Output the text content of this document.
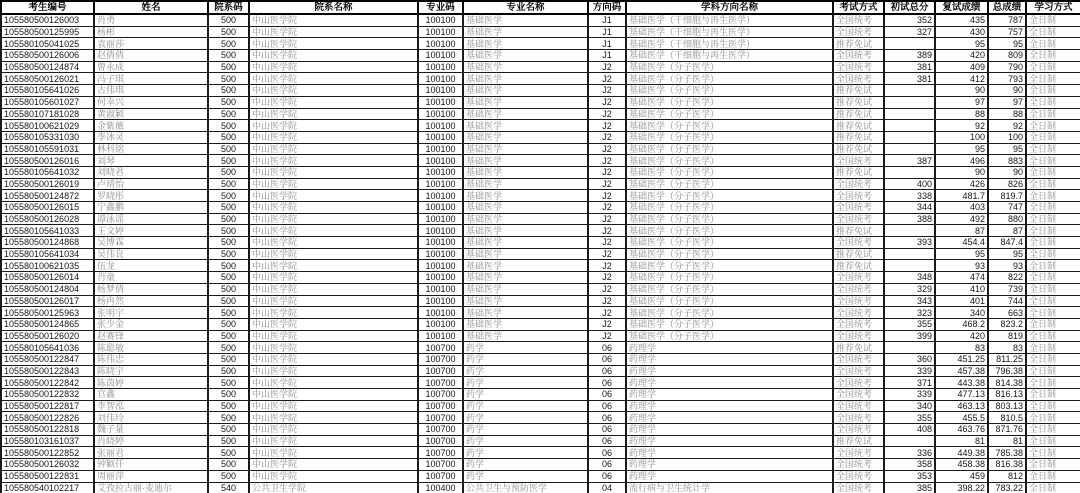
考生编号	姓名	院系码	院系名称	专业码	专业名称	方向码	学科方向名称	考试方式	初试总分	复试成绩	总成绩	学习方式
105580500126003	肖勇	500	中山医学院	100100	基础医学	J1	基础医学（干细胞与再生医学）	全国统考	352	435	787	全日制
105580500125995	杨彬	500	中山医学院	100100	基础医学	J1	基础医学（干细胞与再生医学）	全国统考	327	430	757	全日制
105580105041025	袁丽莎	500	中山医学院	100100	基础医学	J1	基础医学（干细胞与再生医学）	推荐免试		95	95	全日制
105580500126006	赵倩倩	500	中山医学院	100100	基础医学	J1	基础医学（干细胞与再生医学）	全国统考	389	420	809	全日制
105580500124874	曾永成	500	中山医学院	100100	基础医学	J2	基础医学（分子医学）	全国统考	381	409	790	全日制
105580500126021	冯子琪	500	中山医学院	100100	基础医学	J2	基础医学（分子医学）	全国统考	381	412	793	全日制
105580105641026	古伟琪	500	中山医学院	100100	基础医学	J2	基础医学（分子医学）	推荐免试		90	90	全日制
105580105601027	何幸兴	500	中山医学院	100100	基础医学	J2	基础医学（分子医学）	推荐免试		97	97	全日制
105580107181028	黄淑颖	500	中山医学院	100100	基础医学	J2	基础医学（分子医学）	推荐免试		88	88	全日制
105580100621029	金紫薇	500	中山医学院	100100	基础医学	J2	基础医学（分子医学）	推荐免试		92	92	全日制
105580105331030	李冰灵	500	中山医学院	100100	基础医学	J2	基础医学（分子医学）	推荐免试		100	100	全日制
105580105591031	林科铭	500	中山医学院	100100	基础医学	J2	基础医学（分子医学）	推荐免试		95	95	全日制
105580500126016	刘琴	500	中山医学院	100100	基础医学	J2	基础医学（分子医学）	全国统考	387	496	883	全日制
105580105641032	刘晓君	500	中山医学院	100100	基础医学	J2	基础医学（分子医学）	推荐免试		90	90	全日制
105580500126019	卢靖怡	500	中山医学院	100100	基础医学	J2	基础医学（分子医学）	全国统考	400	426	826	全日制
105580500124872	罗晓彤	500	中山医学院	100100	基础医学	J2	基础医学（分子医学）	全国统考	338	481.7	819.7	全日制
105580500126015	宁鑫鹏	500	中山医学院	100100	基础医学	J2	基础医学（分子医学）	全国统考	344	403	747	全日制
105580500126028	谭泳谣	500	中山医学院	100100	基础医学	J2	基础医学（分子医学）	全国统考	388	492	880	全日制
105580105641033	王文婷	500	中山医学院	100100	基础医学	J2	基础医学（分子医学）	推荐免试		87	87	全日制
105580500124868	吴博霖	500	中山医学院	100100	基础医学	J2	基础医学（分子医学）	全国统考	393	454.4	847.4	全日制
105580105641034	吴伟良	500	中山医学院	100100	基础医学	J2	基础医学（分子医学）	推荐免试		95	95	全日制
105580100621035	伍龙	500	中山医学院	100100	基础医学	J2	基础医学（分子医学）	推荐免试		93	93	全日制
105580500126014	肖童	500	中山医学院	100100	基础医学	J2	基础医学（分子医学）	全国统考	348	474	822	全日制
105580500124804	杨梦倩	500	中山医学院	100100	基础医学	J2	基础医学（分子医学）	全国统考	329	410	739	全日制
105580500126017	杨冉然	500	中山医学院	100100	基础医学	J2	基础医学（分子医学）	全国统考	343	401	744	全日制
105580500125963	张明宇	500	中山医学院	100100	基础医学	J2	基础医学（分子医学）	全国统考	323	340	663	全日制
105580500124865	张少金	500	中山医学院	100100	基础医学	J2	基础医学（分子医学）	全国统考	355	468.2	823.2	全日制
105580500126020	赵赛锋	500	中山医学院	100100	基础医学	J2	基础医学（分子医学）	全国统考	399	420	819	全日制
105580105641036	陈聪敏	500	中山医学院	100700	药学	06	药理学	推荐免试		83	83	全日制
105580500122847	陈伟忠	500	中山医学院	100700	药学	06	药理学	全国统考	360	451.25	811.25	全日制
105580500122843	陈晓宇	500	中山医学院	100700	药学	06	药理学	全国统考	339	457.38	796.38	全日制
105580500122842	陈茵婷	500	中山医学院	100700	药学	06	药理学	全国统考	371	443.38	814.38	全日制
105580500122832	官鑫	500	中山医学院	100700	药学	06	药理学	全国统考	339	477.13	816.13	全日制
105580500122817	李智泓	500	中山医学院	100700	药学	06	药理学	全国统考	340	463.13	803.13	全日制
105580500122826	刘伟玲	500	中山医学院	100700	药学	06	药理学	全国统考	355	455.5	810.5	全日制
105580500122818	魏子量	500	中山医学院	100700	药学	06	药理学	全国统考	408	463.76	871.76	全日制
105580103161037	肖晓婷	500	中山医学院	100700	药学	06	药理学	推荐免试		81	81	全日制
105580500122852	张丽君	500	中山医学院	100700	药学	06	药理学	全国统考	336	449.38	785.38	全日制
105580500126032	钟颖仟	500	中山医学院	100700	药学	06	药理学	全国统考	358	458.38	816.38	全日制
105580500122831	周丽萍	500	中山医学院	100700	药学	06	药理学	全国统考	353	459	812	全日制
105580540102217	艾孜拉古丽·麦迪尔	540	公共卫生学院	100400	公共卫生与预防医学	04	流行病与卫生统计学	全国统考	385	398.22	783.22	全日制
